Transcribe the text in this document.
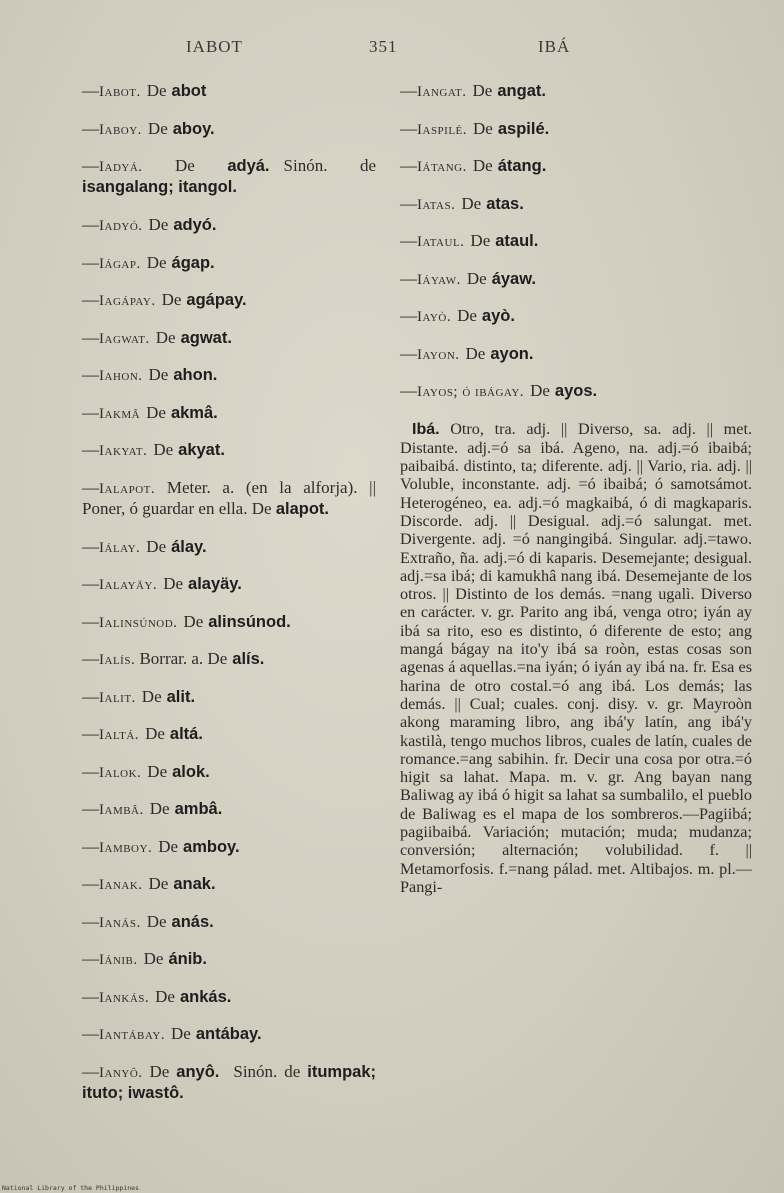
IABOT	351	IBÁ
—Iabot. De abot
—Iaboy. De aboy.
—Iadyá. De adyá. Sinón. de isangalang; itangol.
—Iadyó. De adyó.
—Iágap. De ágap.
—Iagápay. De agápay.
—Iagwat. De agwat.
—Iahon. De ahon.
—Iakmâ De akmâ.
—Iakyat. De akyat.
—Ialapot. Meter. a. (en la alforja). || Poner, ó guardar en ella. De alapot.
—Iálay. De álay.
—Ialayäy. De alayäy.
—Ialinsúnod. De alinsúnod.
—Ialís. Borrar. a. De alís.
—Ialit. De alit.
—Ialtá. De altá.
—Ialok. De alok.
—Iambâ. De ambâ.
—Iamboy. De amboy.
—Ianak. De anak.
—Ianás. De anás.
—Iánib. De ánib.
—Iankás. De ankás.
—Iantábay. De antábay.
—Ianyô. De anyô. Sinón. de itumpak; ituto; iwastô.
—Iangat. De angat.
—Iaspilé. De aspilé.
—Iátang. De átang.
—Iatas. De atas.
—Iataul. De ataul.
—Iáyaw. De áyaw.
—Iayò. De ayò.
—Iayon. De ayon.
—Iayos; ó ibágay. De ayos.
Ibá. Otro, tra. adj. || Diverso, sa. adj. || met. Distante. adj.=ó sa ibá. Ageno, na. adj.=ó ibaibá; paibaibá. distinto, ta; diferente. adj. || Vario, ria. adj. || Voluble, inconstante. adj. =ó ibaibá; ó samotsámot. Heterogéneo, ea. adj.=ó magkaibá, ó di magkaparis. Discorde. adj. || Desigual. adj.=ó salungat. met. Divergente. adj. =ó nangingibá. Singular. adj.=tawo. Extraño, ña. adj.=ó di kaparis. Desemejante; desigual. adj.=sa ibá; di kamukhâ nang ibá. Desemejante de los otros. || Distinto de los demás. =nang ugalì. Diverso en carácter. v. gr. Parito ang ibá, venga otro; iyán ay ibá sa rito, eso es distinto, ó diferente de esto; ang mangá bágay na ito'y ibá sa roòn, estas cosas son agenas á aquellas.=na iyán; ó iyán ay ibá na. fr. Esa es harina de otro costal.=ó ang ibá. Los demás; las demás. || Cual; cuales. conj. disy. v. gr. Mayroòn akong maraming libro, ang ibá'y latín, ang ibá'y kastilà, tengo muchos libros, cuales de latín, cuales de romance.=ang sabihin. fr. Decir una cosa por otra.=ó higit sa lahat. Mapa. m. v. gr. Ang bayan nang Baliwag ay ibá ó higit sa lahat sa sumbalilo, el pueblo de Baliwag es el mapa de los sombreros.—Pagiibá; pagiibaibá. Variación; mutación; muda; mudanza; conversión; alternación; volubilidad. f. || Metamorfosis. f.=nang pálad. met. Altibajos. m. pl.—Pangi-
National Library of the Philippines
